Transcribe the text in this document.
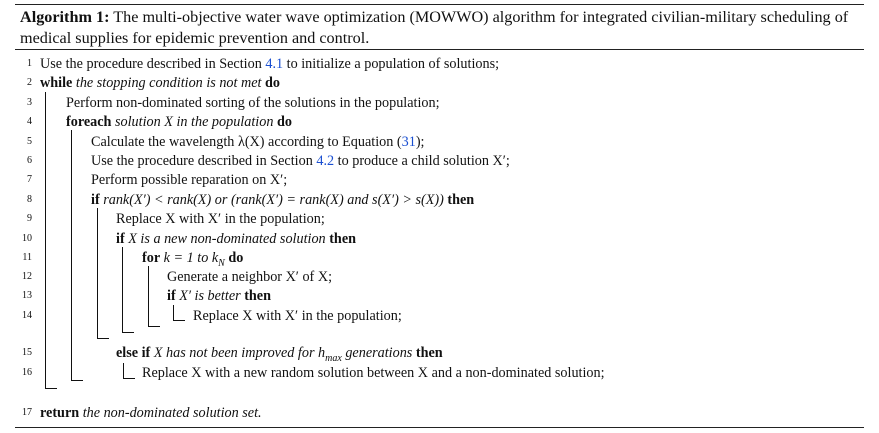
Algorithm 1: The multi-objective water wave optimization (MOWWO) algorithm for integrated civilian-military scheduling of medical supplies for epidemic prevention and control.
1
2
3
4
5
6
7
8
9
10
11
12
13
14
15
16
17
Use the procedure described in Section 4.1 to initialize a population of solutions;
while the stopping condition is not met do
Perform non-dominated sorting of the solutions in the population;
foreach solution X in the population do
Calculate the wavelength λ(X) according to Equation (31);
Use the procedure described in Section 4.2 to produce a child solution X′;
Perform possible reparation on X′;
if rank(X′) < rank(X) or (rank(X′) = rank(X) and s(X′) > s(X)) then
Replace X with X′ in the population;
if X is a new non-dominated solution then
for k = 1 to $k_N$ do
Generate a neighbor X′ of X;
if X′ is better then
Replace X with X′ in the population;
else if X has not been improved for $h_{max}$ generations then
Replace X with a new random solution between X and a non-dominated solution;
return the non-dominated solution set.
